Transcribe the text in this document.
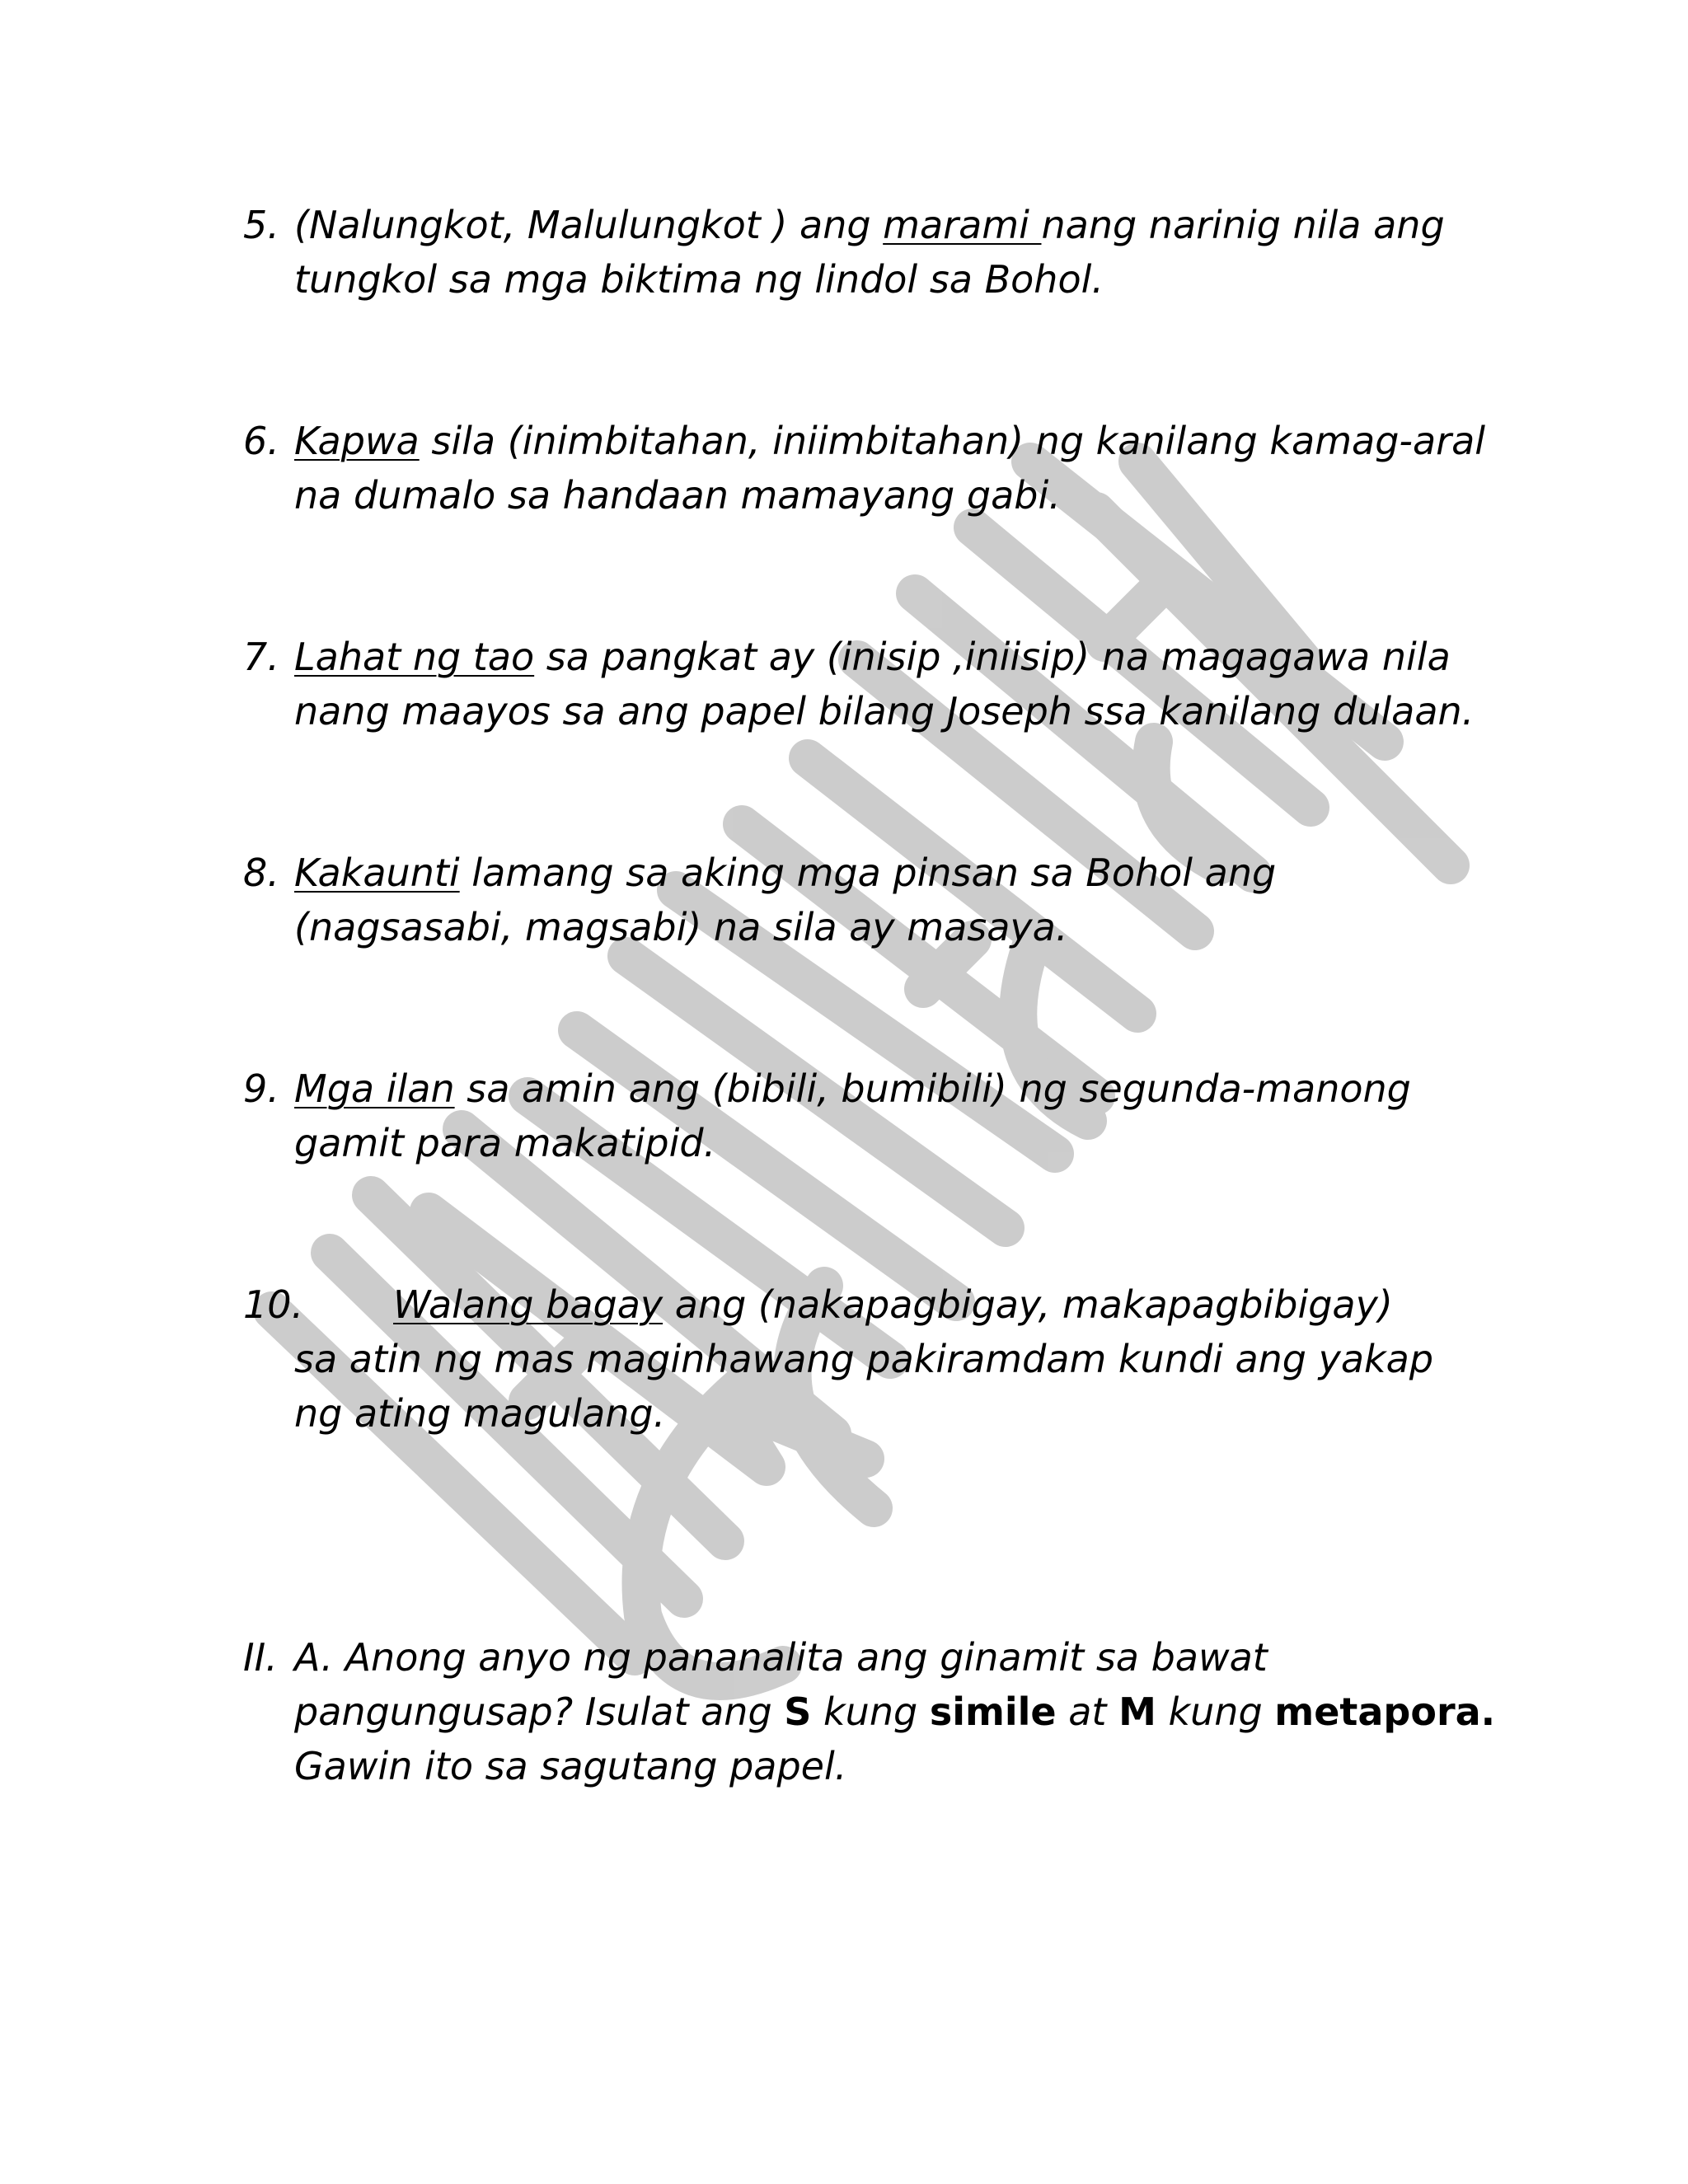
5. (Nalungkot, Malulungkot ) ang marami nang narinig nila ang
tungkol sa mga biktima ng lindol sa Bohol.
6. Kapwa sila (inimbitahan, iniimbitahan) ng kanilang kamag-aral
na dumalo sa handaan mamayang gabi.
7. Lahat ng tao sa pangkat ay (inisip ,iniisip) na magagawa nila
nang maayos sa ang papel bilang Joseph ssa kanilang dulaan.
8. Kakaunti lamang sa aking mga pinsan sa Bohol ang
(nagsasabi, magsabi) na sila ay masaya.
9. Mga ilan sa amin ang (bibili, bumibili) ng segunda-manong
gamit para makatipid.
10.	Walang bagay ang (nakapagbigay, makapagbibigay)
sa atin ng mas maginhawang pakiramdam kundi ang yakap
ng ating magulang.
II. A. Anong anyo ng pananalita ang ginamit sa bawat
pangungusap? Isulat ang S kung simile at M kung metapora.
Gawin ito sa sagutang papel.
